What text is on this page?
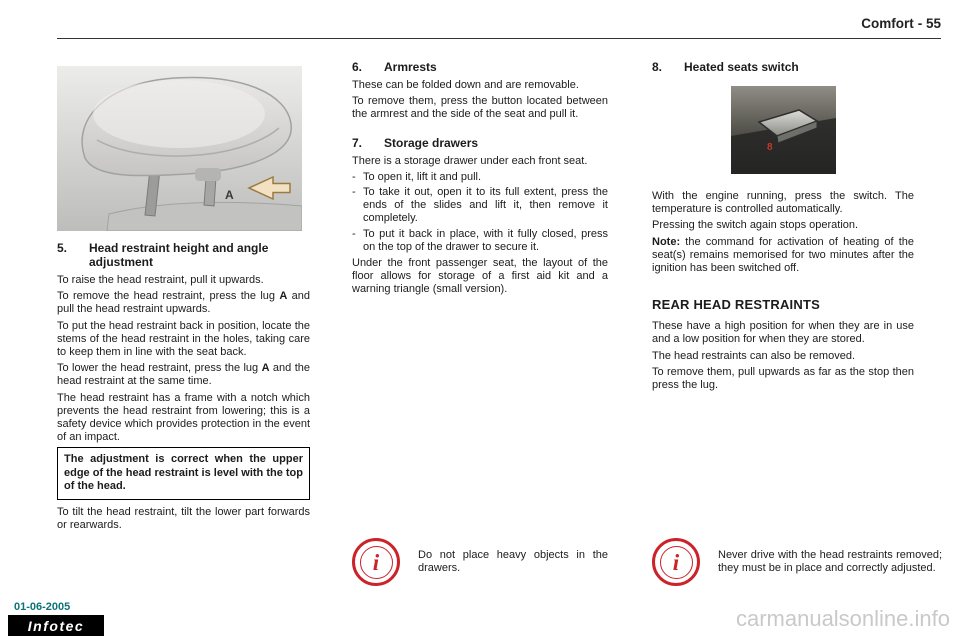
Comfort - 55
A
5.	Head restraint height and angle adjustment

To raise the head restraint, pull it upwards.

To remove the head restraint, press the lug A and pull the head restraint upwards.

To put the head restraint back in position, locate the stems of the head restraint in the holes, taking care to keep them in line with the seat back.

To lower the head restraint, press the lug A and the head restraint at the same time.

The head restraint has a frame with a notch which prevents the head restraint from lowering; this is a safety device which provides protection in the event of an impact.

The adjustment is correct when the upper edge of the head restraint is level with the top of the head.

To tilt the head restraint, tilt the lower part forwards or rearwards.

6.	Armrests

These can be folded down and are removable.

To remove them, press the button located between the armrest and the side of the seat and pull it.

7.	Storage drawers

There is a storage drawer under each front seat.

- To open it, lift it and pull.
- To take it out, open it to its full extent, press the ends of the slides and lift it, then remove it completely.
- To put it back in place, with it fully closed, press on the top of the drawer to secure it.

Under the front passenger seat, the layout of the floor allows for storage of a first aid kit and a warning triangle (small version).

i	Do not place heavy objects in the drawers.
8.	Heated seats switch
8

With the engine running, press the switch. The temperature is controlled automatically.

Pressing the switch again stops operation.

Note: the command for activation of heating of the seat(s) remains memorised for two minutes after the ignition has been switched off.

REAR HEAD RESTRAINTS

These have a high position for when they are in use and a low position for when they are stored.

The head restraints can also be removed.

To remove them, pull upwards as far as the stop then press the lug.

i	Never drive with the head restraints removed; they must be in place and correctly adjusted.
01-06-2005
Infotec	carmanualsonline.info
